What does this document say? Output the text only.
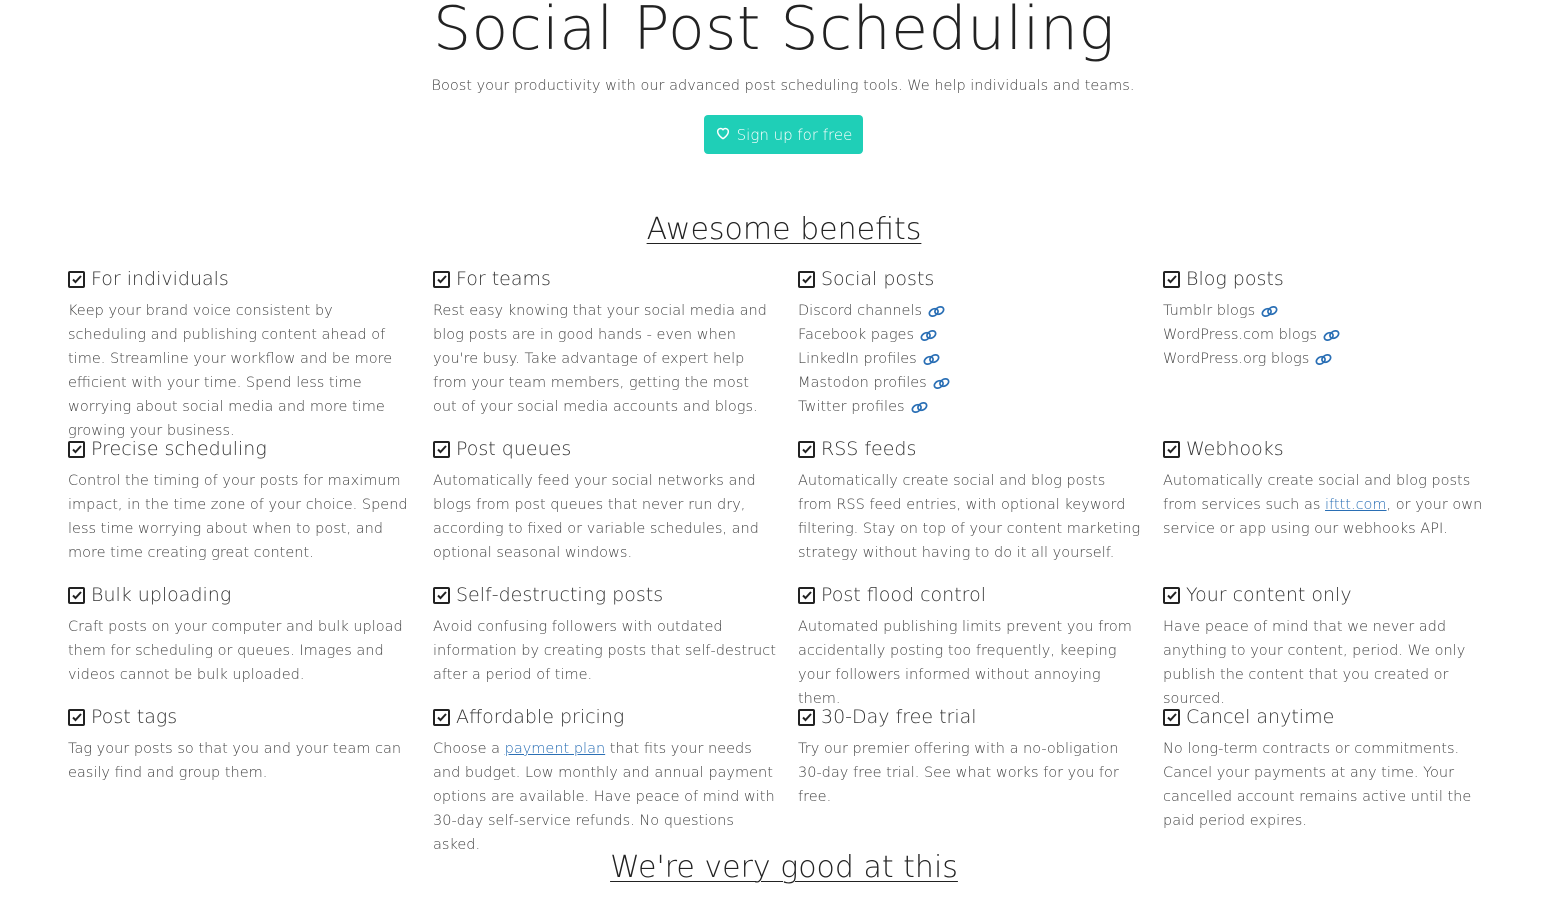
Social Post Scheduling
Boost your productivity with our advanced post scheduling tools. We help individuals and teams.
Sign up for free
Awesome benefits
For individuals
Keep your brand voice consistent by scheduling and publishing content ahead of time. Streamline your workflow and be more efficient with your time. Spend less time worrying about social media and more time growing your business.
For teams
Rest easy knowing that your social media and blog posts are in good hands - even when you're busy. Take advantage of expert help from your team members, getting the most out of your social media accounts and blogs.
Social posts
Discord channels
Facebook pages
LinkedIn profiles
Mastodon profiles
Twitter profiles
Blog posts
Tumblr blogs
WordPress.com blogs
WordPress.org blogs
Precise scheduling
Control the timing of your posts for maximum impact, in the time zone of your choice. Spend less time worrying about when to post, and more time creating great content.
Post queues
Automatically feed your social networks and blogs from post queues that never run dry, according to fixed or variable schedules, and optional seasonal windows.
RSS feeds
Automatically create social and blog posts from RSS feed entries, with optional keyword filtering. Stay on top of your content marketing strategy without having to do it all yourself.
Webhooks
Automatically create social and blog posts from services such as ifttt.com, or your own service or app using our webhooks API.
Bulk uploading
Craft posts on your computer and bulk upload them for scheduling or queues. Images and videos cannot be bulk uploaded.
Self-destructing posts
Avoid confusing followers with outdated information by creating posts that self-destruct after a period of time.
Post flood control
Automated publishing limits prevent you from accidentally posting too frequently, keeping your followers informed without annoying them.
Your content only
Have peace of mind that we never add anything to your content, period. We only publish the content that you created or sourced.
Post tags
Tag your posts so that you and your team can easily find and group them.
Affordable pricing
Choose a payment plan that fits your needs and budget. Low monthly and annual payment options are available. Have peace of mind with 30-day self-service refunds. No questions asked.
30-Day free trial
Try our premier offering with a no-obligation 30-day free trial. See what works for you for free.
Cancel anytime
No long-term contracts or commitments. Cancel your payments at any time. Your cancelled account remains active until the paid period expires.
We're very good at this
